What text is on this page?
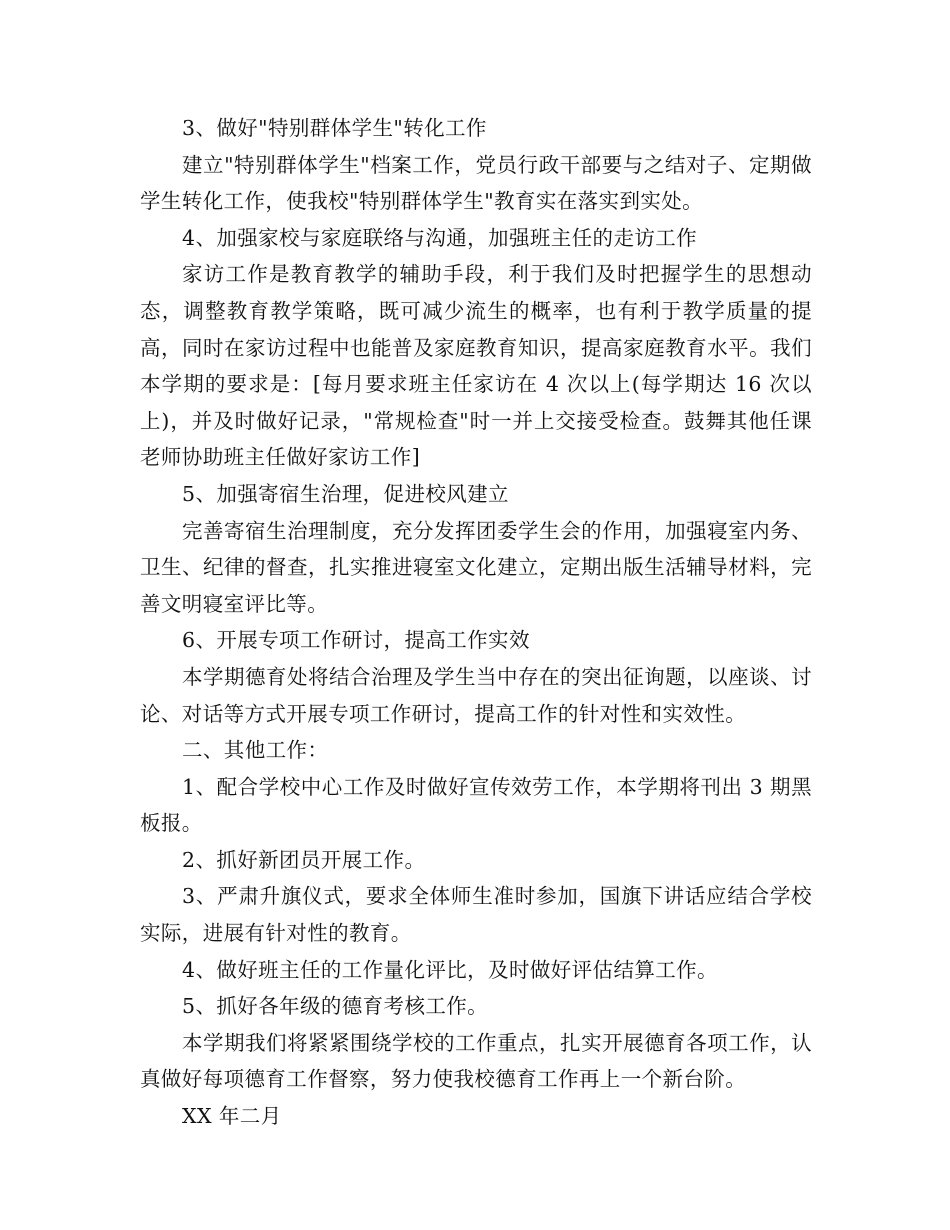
3、做好"特别群体学生"转化工作

建立"特别群体学生"档案工作，党员行政干部要与之结对子、定期做学生转化工作，使我校"特别群体学生"教育实在落实到实处。

4、加强家校与家庭联络与沟通，加强班主任的走访工作

家访工作是教育教学的辅助手段，利于我们及时把握学生的思想动态，调整教育教学策略，既可减少流生的概率，也有利于教学质量的提高，同时在家访过程中也能普及家庭教育知识，提高家庭教育水平。我们本学期的要求是：[每月要求班主任家访在 4 次以上(每学期达 16 次以上)，并及时做好记录，"常规检查"时一并上交接受检查。鼓舞其他任课老师协助班主任做好家访工作]

5、加强寄宿生治理，促进校风建立

完善寄宿生治理制度，充分发挥团委学生会的作用，加强寝室内务、卫生、纪律的督查，扎实推进寝室文化建立，定期出版生活辅导材料，完善文明寝室评比等。

6、开展专项工作研讨，提高工作实效

本学期德育处将结合治理及学生当中存在的突出征询题，以座谈、讨论、对话等方式开展专项工作研讨，提高工作的针对性和实效性。

二、其他工作：

1、配合学校中心工作及时做好宣传效劳工作，本学期将刊出 3 期黑板报。

2、抓好新团员开展工作。

3、严肃升旗仪式，要求全体师生准时参加，国旗下讲话应结合学校实际，进展有针对性的教育。

4、做好班主任的工作量化评比，及时做好评估结算工作。

5、抓好各年级的德育考核工作。

本学期我们将紧紧围绕学校的工作重点，扎实开展德育各项工作，认真做好每项德育工作督察，努力使我校德育工作再上一个新台阶。

XX 年二月
